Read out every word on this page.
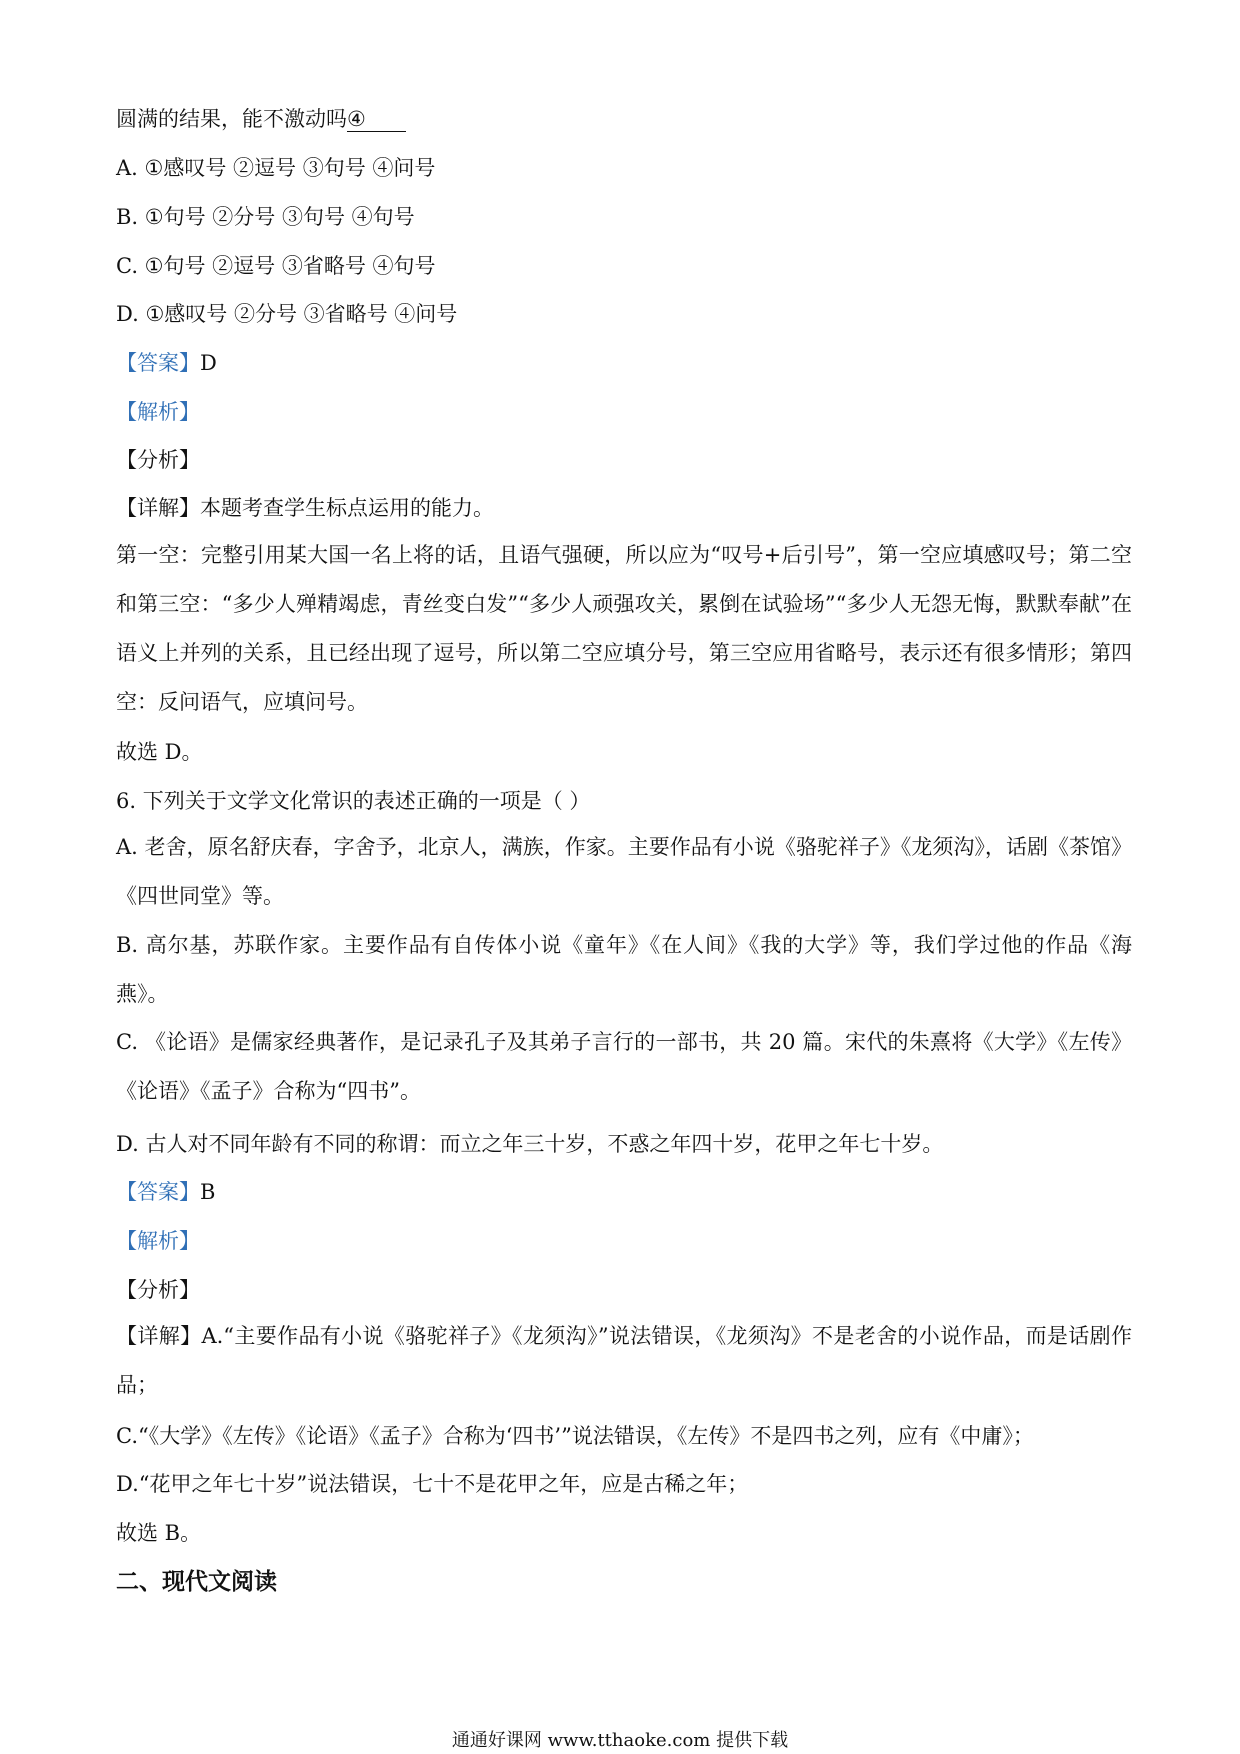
圆满的结果，能不激动吗④
A. ①感叹号 ②逗号 ③句号 ④问号
B. ①句号 ②分号 ③句号 ④句号
C. ①句号 ②逗号 ③省略号 ④句号
D. ①感叹号 ②分号 ③省略号 ④问号
【答案】D
【解析】
【分析】
【详解】本题考查学生标点运用的能力。
第一空：完整引用某大国一名上将的话，且语气强硬，所以应为“叹号+后引号”，第一空应填感叹号；第二空和第三空：“多少人殚精竭虑，青丝变白发”“多少人顽强攻关，累倒在试验场”“多少人无怨无悔，默默奉献”在语义上并列的关系，且已经出现了逗号，所以第二空应填分号，第三空应用省略号，表示还有很多情形；第四空：反问语气，应填问号。
故选 D。
6. 下列关于文学文化常识的表述正确的一项是（ ）
A. 老舍，原名舒庆春，字舍予，北京人，满族，作家。主要作品有小说《骆驼祥子》《龙须沟》，话剧《茶馆》《四世同堂》等。
B. 高尔基，苏联作家。主要作品有自传体小说《童年》《在人间》《我的大学》等，我们学过他的作品《海燕》。
C. 《论语》是儒家经典著作，是记录孔子及其弟子言行的一部书，共 20 篇。宋代的朱熹将《大学》《左传》《论语》《孟子》合称为“四书”。
D. 古人对不同年龄有不同的称谓：而立之年三十岁，不惑之年四十岁，花甲之年七十岁。
【答案】B
【解析】
【分析】
【详解】A.“主要作品有小说《骆驼祥子》《龙须沟》”说法错误，《龙须沟》不是老舍的小说作品，而是话剧作品；
C.“《大学》《左传》《论语》《孟子》合称为‘四书’”说法错误，《左传》不是四书之列，应有《中庸》；
D.“花甲之年七十岁”说法错误，七十不是花甲之年，应是古稀之年；
故选 B。
二、现代文阅读
通通好课网 www.tthaoke.com 提供下载
